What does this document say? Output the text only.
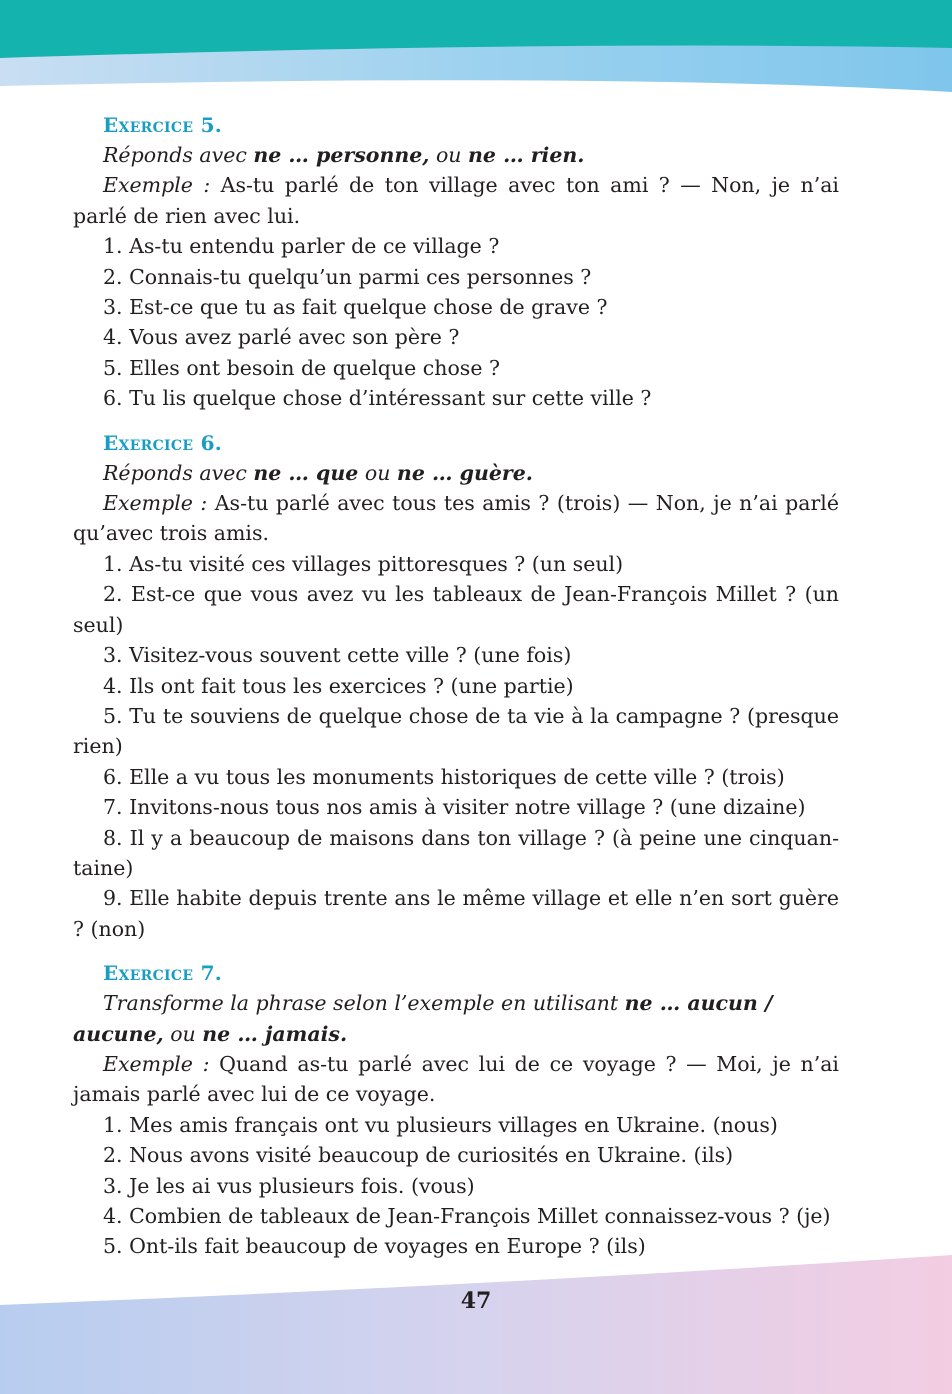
Exercice 5.

Réponds avec ne … personne, ou ne … rien.

Exemple : As-tu parlé de ton village avec ton ami ? — Non, je n’ai parlé de rien avec lui.

1. As-tu entendu parler de ce village ?

2. Connais-tu quelqu’un parmi ces personnes ?

3. Est-ce que tu as fait quelque chose de grave ?

4. Vous avez parlé avec son père ?

5. Elles ont besoin de quelque chose ?

6. Tu lis quelque chose d’intéressant sur cette ville ?

Exercice 6.

Réponds avec ne … que ou ne … guère.

Exemple : As-tu parlé avec tous tes amis ? (trois) — Non, je n’ai parlé qu’avec trois amis.

1. As-tu visité ces villages pittoresques ? (un seul)

2. Est-ce que vous avez vu les tableaux de Jean-François Millet ? (un seul)

3. Visitez-vous souvent cette ville ? (une fois)

4. Ils ont fait tous les exercices ? (une partie)

5. Tu te souviens de quelque chose de ta vie à la campagne ? (presque rien)

6. Elle a vu tous les monuments historiques de cette ville ? (trois)

7. Invitons-nous tous nos amis à visiter notre village ? (une dizaine)

8. Il y a beaucoup de maisons dans ton village ? (à peine une cinquantaine)

9. Elle habite depuis trente ans le même village et elle n’en sort guère ? (non)

Exercice 7.

Transforme la phrase selon l’exemple en utilisant ne … aucun / aucune, ou ne … jamais.

Exemple : Quand as-tu parlé avec lui de ce voyage ? — Moi, je n’ai jamais parlé avec lui de ce voyage.

1. Mes amis français ont vu plusieurs villages en Ukraine. (nous)

2. Nous avons visité beaucoup de curiosités en Ukraine. (ils)

3. Je les ai vus plusieurs fois. (vous)

4. Combien de tableaux de Jean-François Millet connaissez-vous ? (je)

5. Ont-ils fait beaucoup de voyages en Europe ? (ils)

47
